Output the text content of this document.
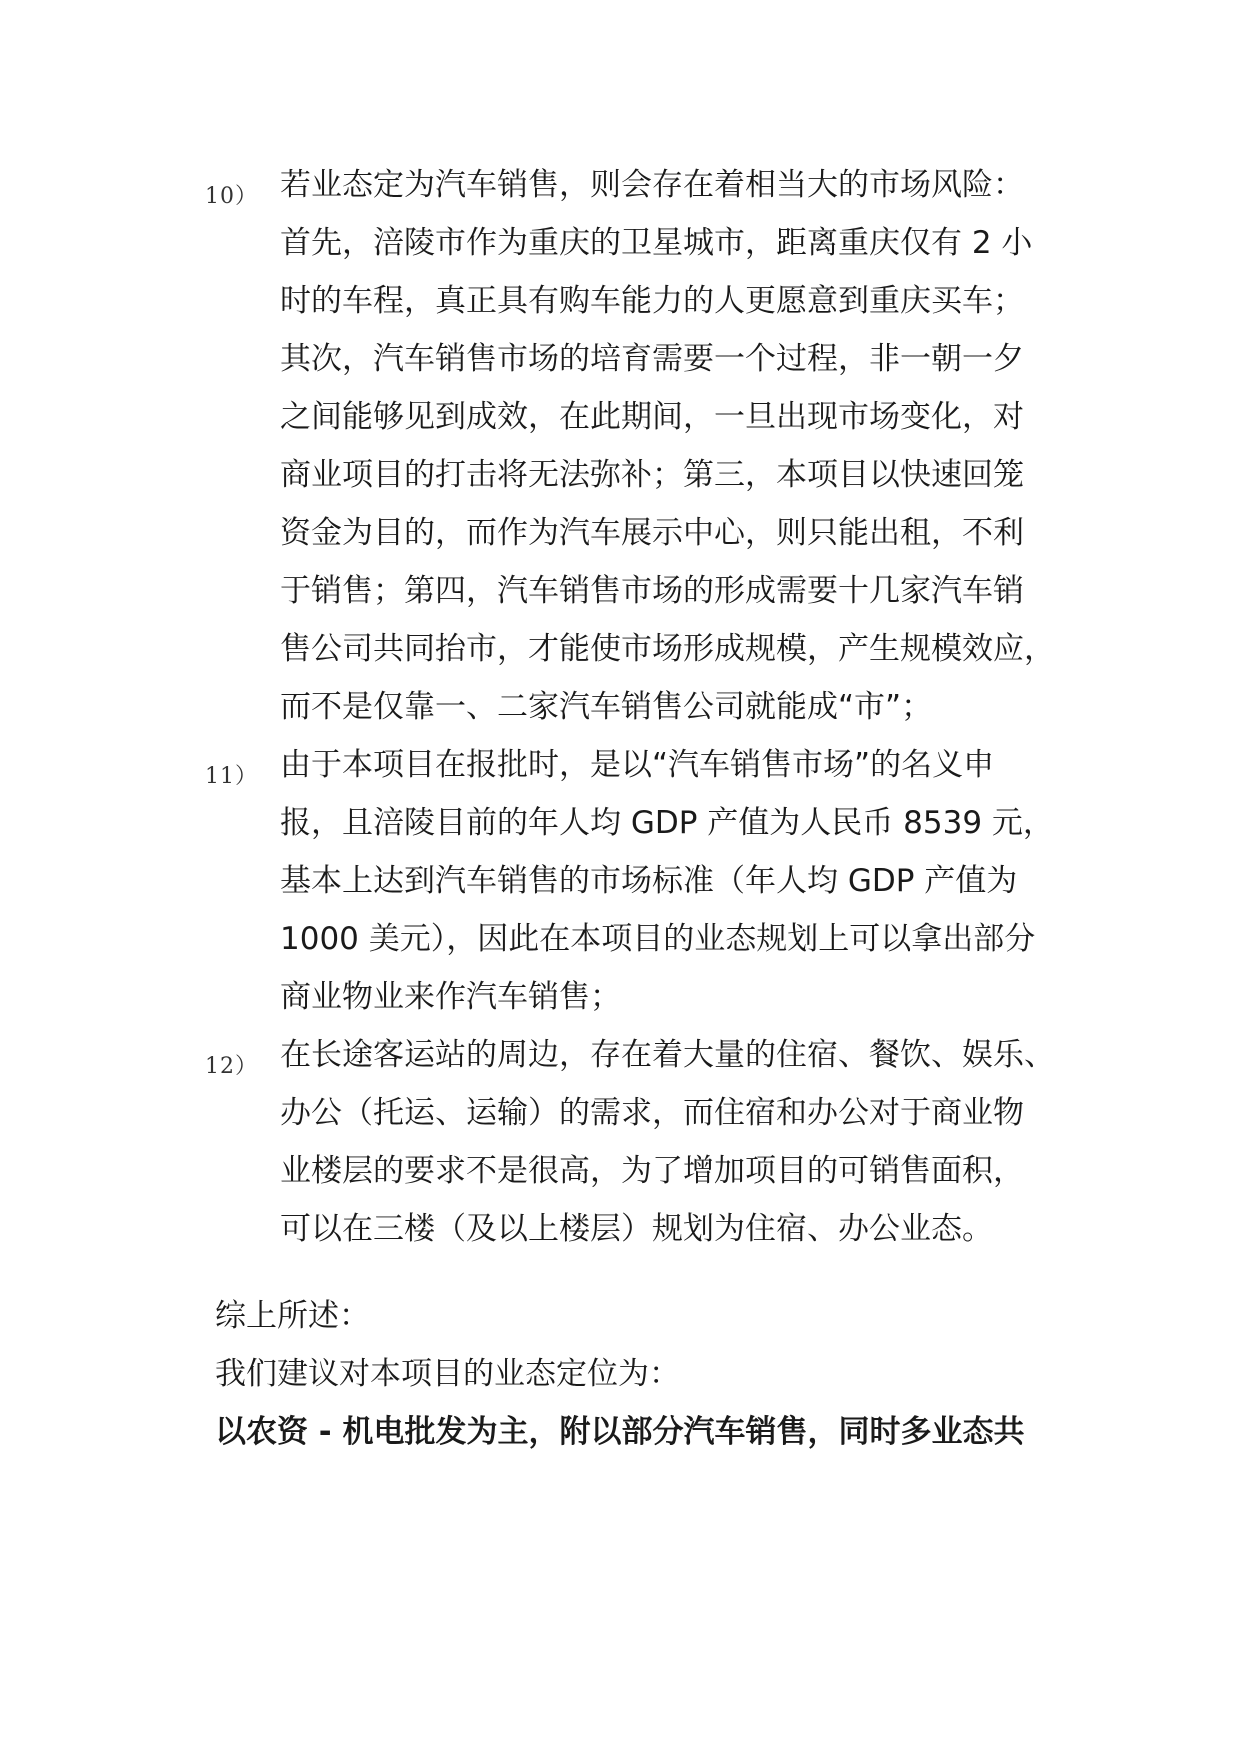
10） 若业态定为汽车销售，则会存在着相当大的市场风险：
首先，涪陵市作为重庆的卫星城市，距离重庆仅有 2 小
时的车程，真正具有购车能力的人更愿意到重庆买车；
其次，汽车销售市场的培育需要一个过程，非一朝一夕
之间能够见到成效，在此期间，一旦出现市场变化，对
商业项目的打击将无法弥补；第三，本项目以快速回笼
资金为目的，而作为汽车展示中心，则只能出租，不利
于销售；第四，汽车销售市场的形成需要十几家汽车销
售公司共同抬市，才能使市场形成规模，产生规模效应，
而不是仅靠一、二家汽车销售公司就能成“市”；
11） 由于本项目在报批时，是以“汽车销售市场”的名义申
报，且涪陵目前的年人均 GDP 产值为人民币 8539 元，
基本上达到汽车销售的市场标准（年人均 GDP 产值为
1000 美元），因此在本项目的业态规划上可以拿出部分
商业物业来作汽车销售；
12） 在长途客运站的周边，存在着大量的住宿、餐饮、娱乐、
办公（托运、运输）的需求，而住宿和办公对于商业物
业楼层的要求不是很高，为了增加项目的可销售面积，
可以在三楼（及以上楼层）规划为住宿、办公业态。
综上所述：
我们建议对本项目的业态定位为：
以农资 - 机电批发为主，附以部分汽车销售，同时多业态共
